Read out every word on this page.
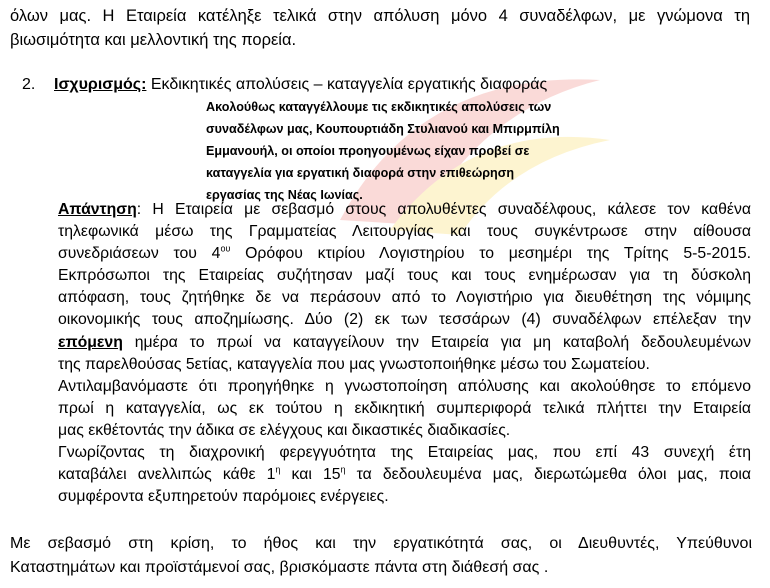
όλων μας. Η Εταιρεία κατέληξε τελικά στην απόλυση μόνο 4 συναδέλφων, με γνώμονα τη
βιωσιμότητα και μελλοντική της πορεία.
2. Ισχυρισμός: Εκδικητικές απολύσεις – καταγγελία εργατικής διαφοράς
Ακολούθως καταγγέλλουμε τις εκδικητικές απολύσεις των
συναδέλφων μας, Κουπουρτιάδη Στυλιανού και Μπιρμπίλη
Εμμανουήλ, οι οποίοι προηγουμένως είχαν προβεί σε
καταγγελία για εργατική διαφορά στην επιθεώρηση
εργασίας της Νέας Ιωνίας.
Απάντηση: Η Εταιρεία με σεβασμό στους απολυθέντες συναδέλφους, κάλεσε τον καθένα
τηλεφωνικά μέσω της Γραμματείας Λειτουργίας και τους συγκέντρωσε στην αίθουσα
συνεδριάσεων του $4^{o\upsilon}$ Ορόφου κτιρίου Λογιστηρίου το μεσημέρι της Τρίτης 5-5-2015.
Εκπρόσωποι της Εταιρείας συζήτησαν μαζί τους και τους ενημέρωσαν για τη δύσκολη
απόφαση, τους ζητήθηκε δε να περάσουν από το Λογιστήριο για διευθέτηση της νόμιμης
οικονομικής τους αποζημίωσης. Δύο (2) εκ των τεσσάρων (4) συναδέλφων επέλεξαν την
επόμενη ημέρα το πρωί να καταγγείλουν την Εταιρεία για μη καταβολή δεδουλευμένων
της παρελθούσας 5ετίας, καταγγελία που μας γνωστοποιήθηκε μέσω του Σωματείου.
Αντιλαμβανόμαστε ότι προηγήθηκε η γνωστοποίηση απόλυσης και ακολούθησε το επόμενο
πρωί η καταγγελία, ως εκ τούτου η εκδικητική συμπεριφορά τελικά πλήττει την Εταιρεία
μας εκθέτοντάς την άδικα σε ελέγχους και δικαστικές διαδικασίες.
Γνωρίζοντας τη διαχρονική φερεγγυότητα της Εταιρείας μας, που επί 43 συνεχή έτη
καταβάλει ανελλιπώς κάθε $1^\eta$ και $15^\eta$ τα δεδουλευμένα μας, διερωτώμεθα όλοι μας, ποια
συμφέροντα εξυπηρετούν παρόμοιες ενέργειες.
Με σεβασμό στη κρίση, το ήθος και την εργατικότητά σας, οι Διευθυντές, Υπεύθυνοι
Καταστημάτων και προϊστάμενοί σας, βρισκόμαστε πάντα στη διάθεσή σας .
